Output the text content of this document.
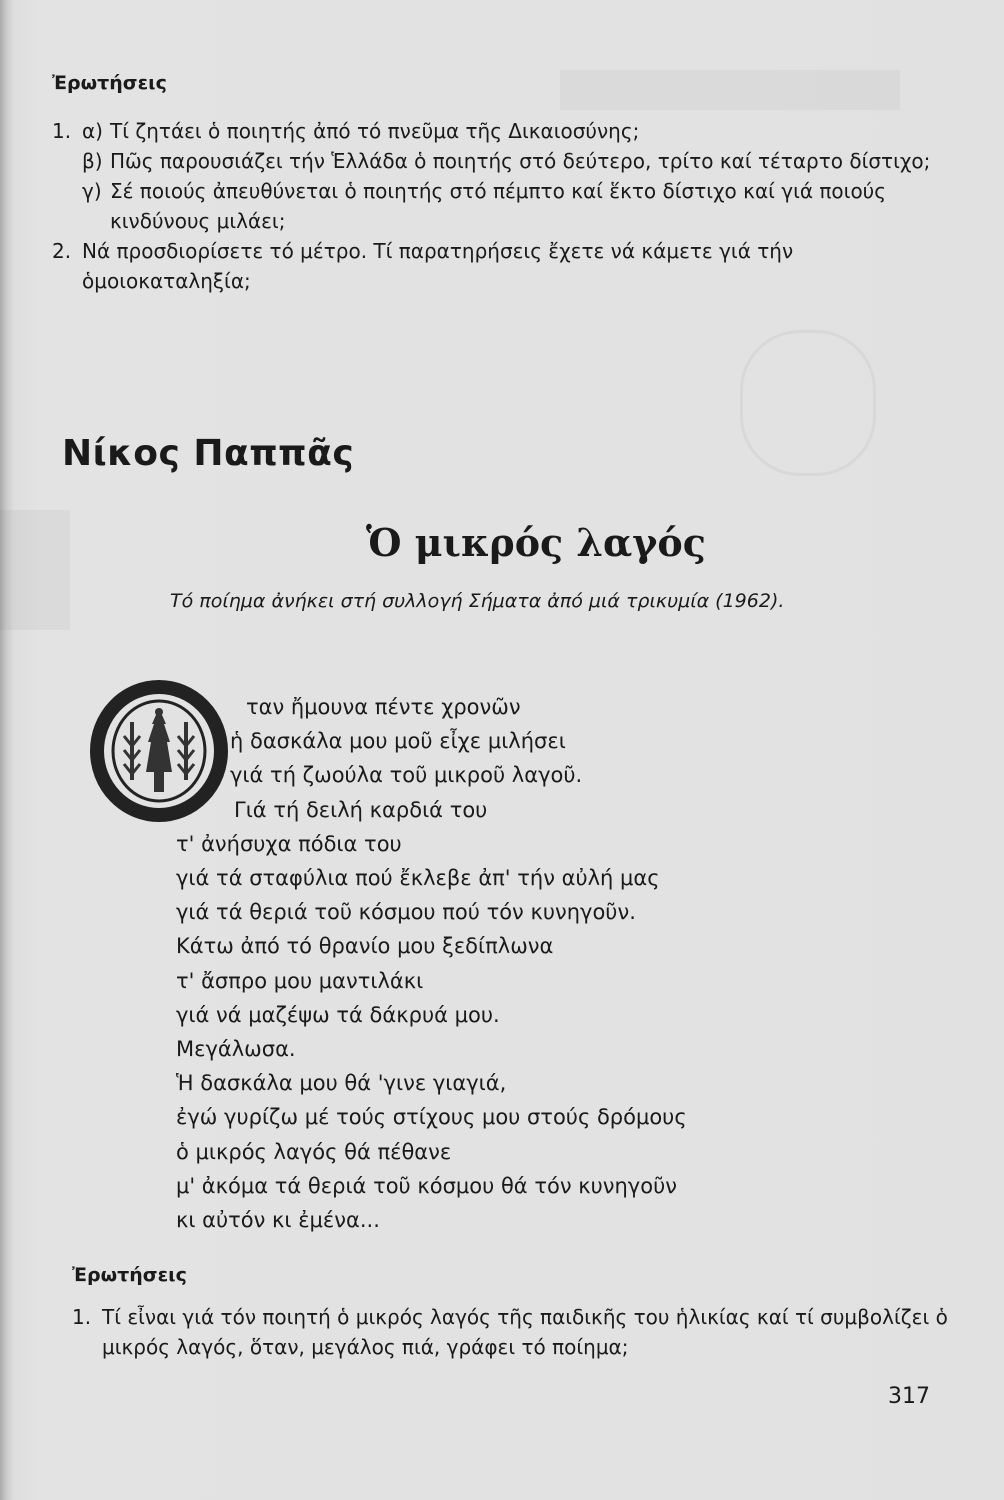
Ἐρωτήσεις
1. α) Τί ζητάει ὁ ποιητής ἀπό τό πνεῦμα τῆς Δικαιοσύνης;
β) Πῶς παρουσιάζει τήν Ἑλλάδα ὁ ποιητής στό δεύτερο, τρίτο καί τέταρτο δίστιχο;
γ) Σέ ποιούς ἀπευθύνεται ὁ ποιητής στό πέμπτο καί ἕκτο δίστιχο καί γιά ποιούς κινδύνους μιλάει;
2. Νά προσδιορίσετε τό μέτρο. Τί παρατηρήσεις ἔχετε νά κάμετε γιά τήν ὁμοιοκαταληξία;
Νίκος Παππᾶς
Ὁ μικρός λαγός
Τό ποίημα ἀνήκει στή συλλογή Σήματα ἀπό μιά τρικυμία (1962).
ταν ἤμουνα πέντε χρονῶν
ἡ δασκάλα μου μοῦ εἶχε μιλήσει
γιά τή ζωούλα τοῦ μικροῦ λαγοῦ.
Γιά τή δειλή καρδιά του
τ' ἀνήσυχα πόδια του
γιά τά σταφύλια πού ἔκλεβε ἀπ' τήν αὐλή μας
γιά τά θεριά τοῦ κόσμου πού τόν κυνηγοῦν.
Κάτω ἀπό τό θρανίο μου ξεδίπλωνα
τ' ἄσπρο μου μαντιλάκι
γιά νά μαζέψω τά δάκρυά μου.
Μεγάλωσα.
Ἡ δασκάλα μου θά 'γινε γιαγιά,
ἐγώ γυρίζω μέ τούς στίχους μου στούς δρόμους
ὁ μικρός λαγός θά πέθανε
μ' ἀκόμα τά θεριά τοῦ κόσμου θά τόν κυνηγοῦν
κι αὐτόν κι ἐμένα...
Ἐρωτήσεις
1. Τί εἶναι γιά τόν ποιητή ὁ μικρός λαγός τῆς παιδικῆς του ἡλικίας καί τί συμβολίζει ὁ μικρός λαγός, ὅταν, μεγάλος πιά, γράφει τό ποίημα;
317
